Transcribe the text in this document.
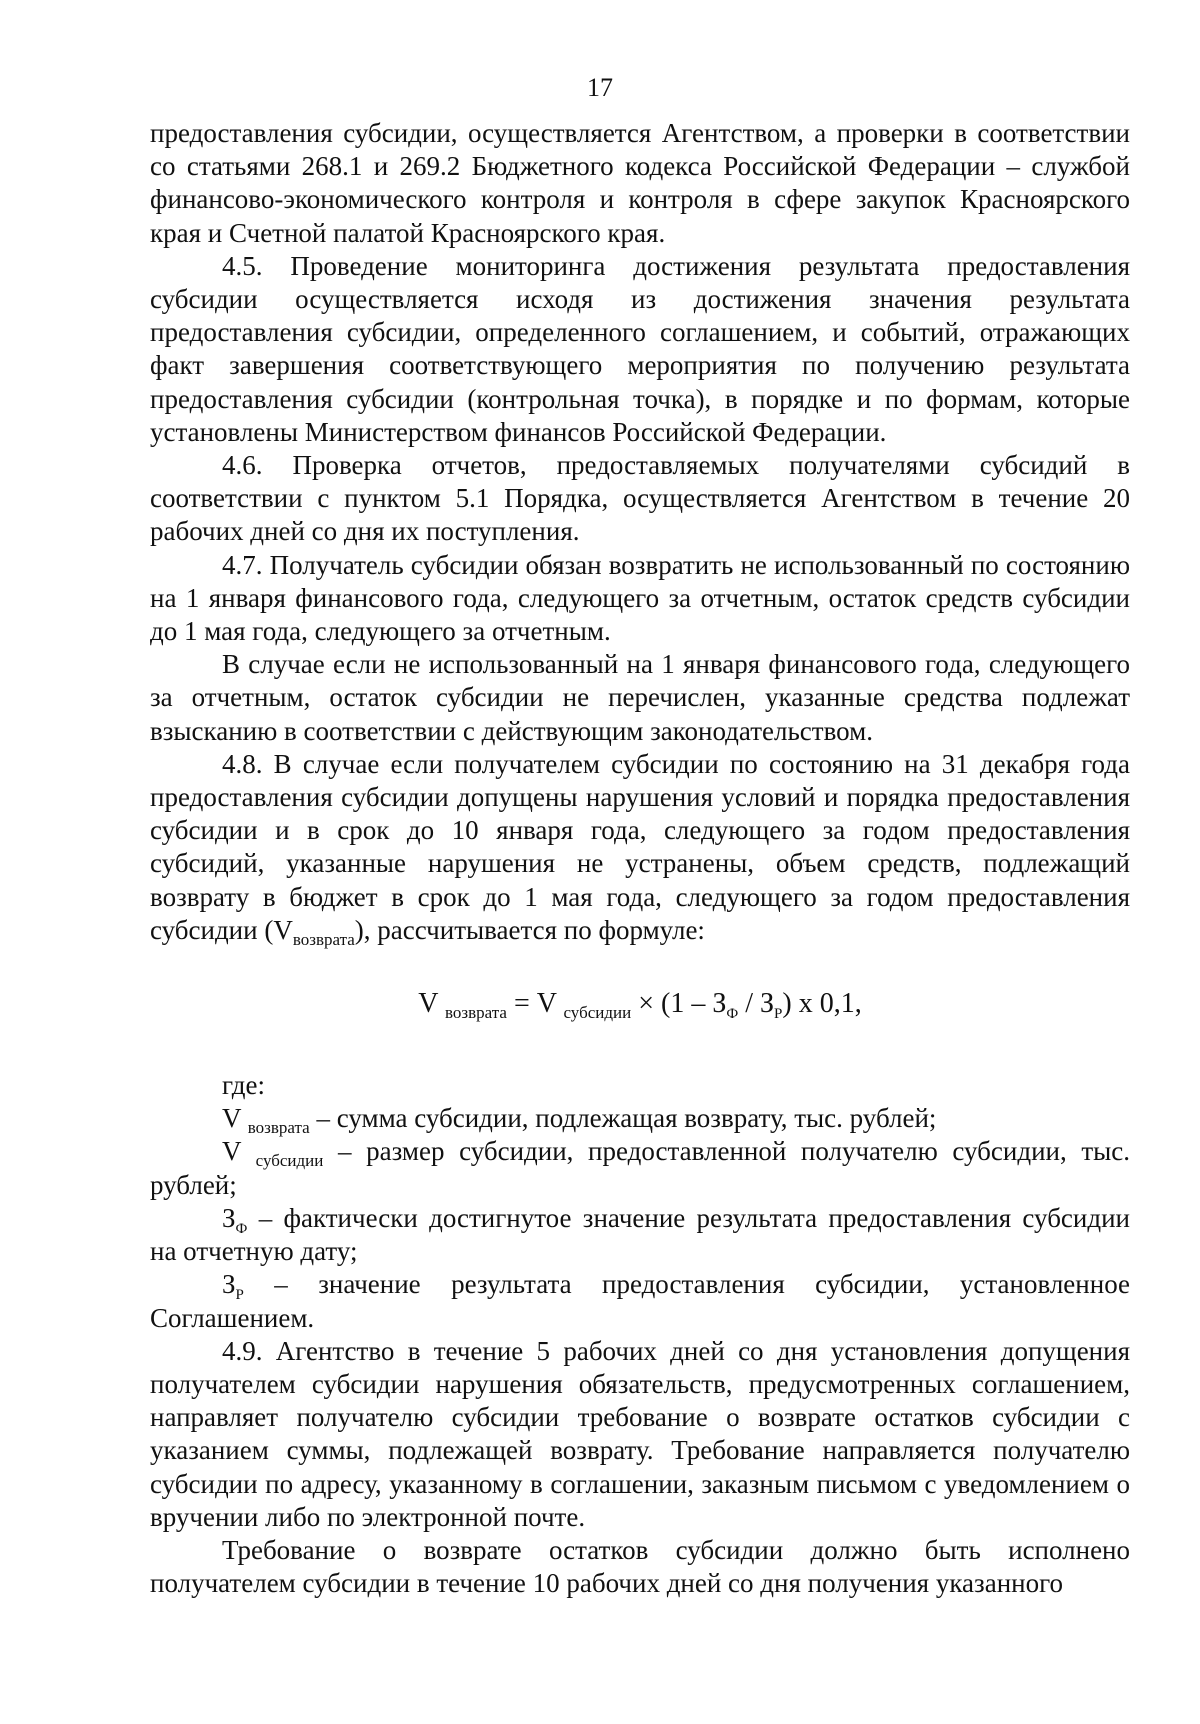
17

предоставления субсидии, осуществляется Агентством, а проверки в соответствии со статьями 268.1 и 269.2 Бюджетного кодекса Российской Федерации – службой финансово-экономического контроля и контроля в сфере закупок Красноярского края и Счетной палатой Красноярского края.

4.5. Проведение мониторинга достижения результата предоставления субсидии осуществляется исходя из достижения значения результата предоставления субсидии, определенного соглашением, и событий, отражающих факт завершения соответствующего мероприятия по получению результата предоставления субсидии (контрольная точка), в порядке и по формам, которые установлены Министерством финансов Российской Федерации.

4.6. Проверка отчетов, предоставляемых получателями субсидий в соответствии с пунктом 5.1 Порядка, осуществляется Агентством в течение 20 рабочих дней со дня их поступления.

4.7. Получатель субсидии обязан возвратить не использованный по состоянию на 1 января финансового года, следующего за отчетным, остаток средств субсидии до 1 мая года, следующего за отчетным.

В случае если не использованный на 1 января финансового года, следующего за отчетным, остаток субсидии не перечислен, указанные средства подлежат взысканию в соответствии с действующим законодательством.

4.8. В случае если получателем субсидии по состоянию на 31 декабря года предоставления субсидии допущены нарушения условий и порядка предоставления субсидии и в срок до 10 января года, следующего за годом предоставления субсидий, указанные нарушения не устранены, объем средств, подлежащий возврату в бюджет в срок до 1 мая года, следующего за годом предоставления субсидии $(V_{возврата})$, рассчитывается по формуле:

V $_{возврата}$ = V $_{субсидии} \times (1 - З_Ф / З_Р)$ х 0,1,

где:

V $_{возврата}$ – сумма субсидии, подлежащая возврату, тыс. рублей;

V $_{субсидии}$ – размер субсидии, предоставленной получателю субсидии, тыс. рублей;

$З_Ф$ – фактически достигнутое значение результата предоставления субсидии на отчетную дату;

$З_Р$ – значение результата предоставления субсидии, установленное Соглашением.

4.9. Агентство в течение 5 рабочих дней со дня установления допущения получателем субсидии нарушения обязательств, предусмотренных соглашением, направляет получателю субсидии требование о возврате остатков субсидии с указанием суммы, подлежащей возврату. Требование направляется получателю субсидии по адресу, указанному в соглашении, заказным письмом с уведомлением о вручении либо по электронной почте.

Требование о возврате остатков субсидии должно быть исполнено получателем субсидии в течение 10 рабочих дней со дня получения указанного
